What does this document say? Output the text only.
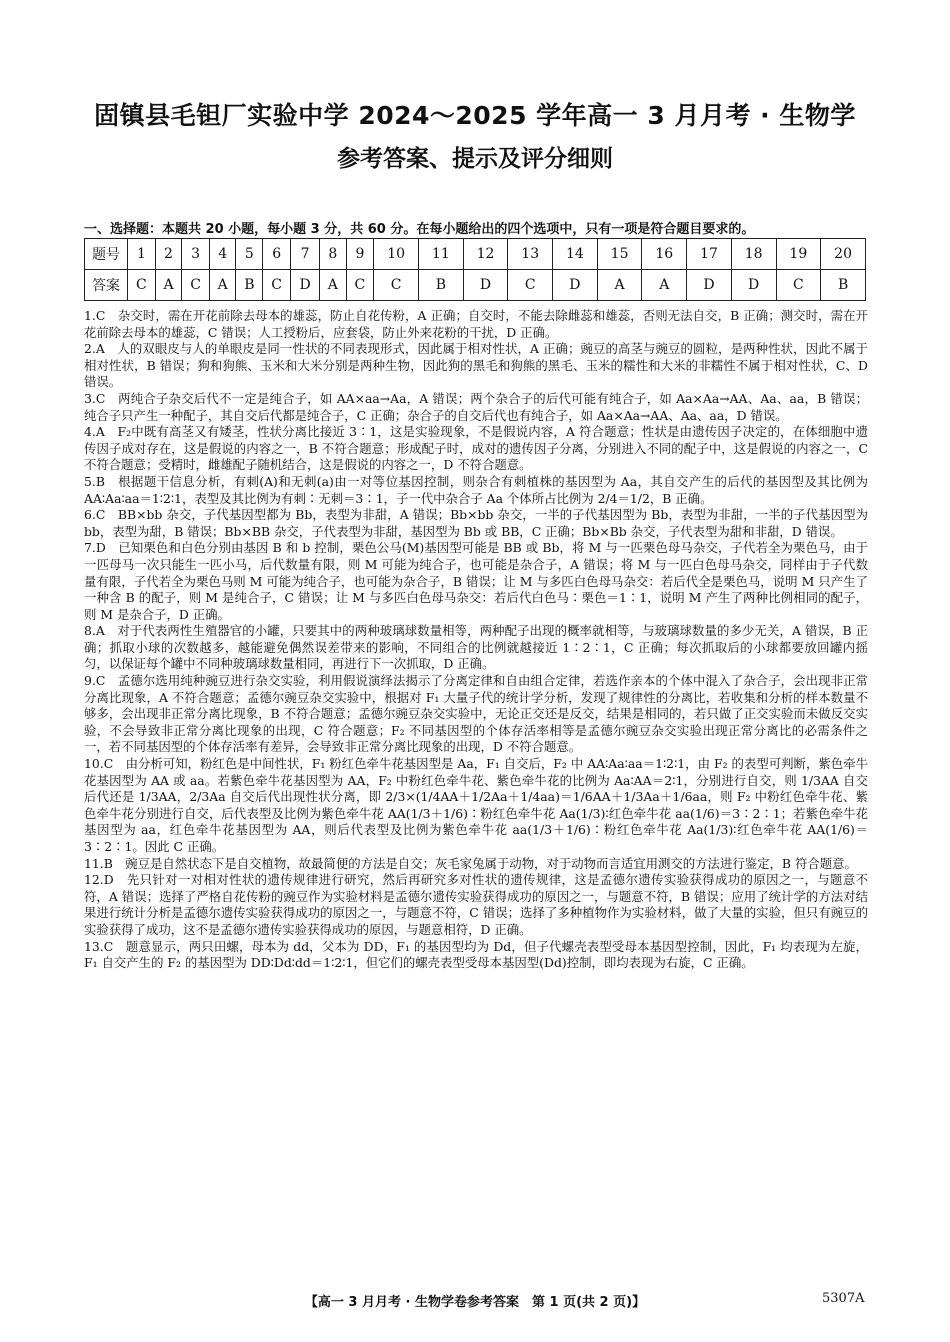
固镇县毛钽厂实验中学 2024～2025 学年高一 3 月月考 · 生物学
参考答案、提示及评分细则
一、选择题：本题共 20 小题，每小题 3 分，共 60 分。在每小题给出的四个选项中，只有一项是符合题目要求的。
题号	1	2	3	4	5	6	7	8	9	10	11	12	13	14	15	16	17	18	19	20
答案	C	A	C	A	B	C	D	A	C	C	B	D	C	D	A	A	D	D	C	B

1.C　杂交时，需在开花前除去母本的雄蕊，防止自花传粉，A 正确；自交时，不能去除雌蕊和雄蕊，否则无法自交，B 正确；测交时，需在开花前除去母本的雄蕊，C 错误；人工授粉后，应套袋，防止外来花粉的干扰，D 正确。

2.A　人的双眼皮与人的单眼皮是同一性状的不同表现形式，因此属于相对性状，A 正确；豌豆的高茎与豌豆的圆粒，是两种性状，因此不属于相对性状，B 错误；狗和狗熊、玉米和大米分别是两种生物，因此狗的黑毛和狗熊的黑毛、玉米的糯性和大米的非糯性不属于相对性状，C、D 错误。

3.C　两纯合子杂交后代不一定是纯合子，如 AA×aa→Aa，A 错误；两个杂合子的后代可能有纯合子，如 Aa×Aa→AA、Aa、aa，B 错误；纯合子只产生一种配子，其自交后代都是纯合子，C 正确；杂合子的自交后代也有纯合子，如 Aa×Aa→AA、Aa、aa，D 错误。

4.A　F₂中既有高茎又有矮茎，性状分离比接近 3∶1，这是实验现象，不是假说内容，A 符合题意；性状是由遗传因子决定的，在体细胞中遗传因子成对存在，这是假说的内容之一，B 不符合题意；形成配子时，成对的遗传因子分离，分别进入不同的配子中，这是假说的内容之一，C 不符合题意；受精时，雌雄配子随机结合，这是假说的内容之一，D 不符合题意。

5.B　根据题干信息分析，有刺(A)和无刺(a)由一对等位基因控制，则杂合有刺植株的基因型为 Aa，其自交产生的后代的基因型及其比例为 AA∶Aa∶aa＝1∶2∶1，表型及其比例为有刺∶无刺＝3∶1，子一代中杂合子 Aa 个体所占比例为 2/4＝1/2，B 正确。

6.C　BB×bb 杂交，子代基因型都为 Bb，表型为非甜，A 错误；Bb×bb 杂交，一半的子代基因型为 Bb，表型为非甜，一半的子代基因型为 bb，表型为甜，B 错误；Bb×BB 杂交，子代表型为非甜，基因型为 Bb 或 BB，C 正确；Bb×Bb 杂交，子代表型为甜和非甜，D 错误。

7.D　已知栗色和白色分别由基因 B 和 b 控制，栗色公马(M)基因型可能是 BB 或 Bb，将 M 与一匹栗色母马杂交，子代若全为栗色马，由于一匹母马一次只能生一匹小马，后代数量有限，则 M 可能为纯合子，也可能是杂合子，A 错误；将 M 与一匹白色母马杂交，同样由于子代数量有限，子代若全为栗色马则 M 可能为纯合子，也可能为杂合子，B 错误；让 M 与多匹白色母马杂交：若后代全是栗色马，说明 M 只产生了一种含 B 的配子，则 M 是纯合子，C 错误；让 M 与多匹白色母马杂交：若后代白色马∶栗色＝1∶1，说明 M 产生了两种比例相同的配子，则 M 是杂合子，D 正确。

8.A　对于代表两性生殖器官的小罐，只要其中的两种玻璃球数量相等，两种配子出现的概率就相等，与玻璃球数量的多少无关，A 错误，B 正确；抓取小球的次数越多，越能避免偶然误差带来的影响，不同组合的比例就越接近 1∶2∶1，C 正确；每次抓取后的小球都要放回罐内摇匀，以保证每个罐中不同种玻璃球数量相同，再进行下一次抓取，D 正确。

9.C　孟德尔选用纯种豌豆进行杂交实验，利用假说演绎法揭示了分离定律和自由组合定律，若选作亲本的个体中混入了杂合子，会出现非正常分离比现象，A 不符合题意；孟德尔豌豆杂交实验中，根据对 F₁ 大量子代的统计学分析，发现了规律性的分离比，若收集和分析的样本数量不够多，会出现非正常分离比现象，B 不符合题意；孟德尔豌豆杂交实验中，无论正交还是反交，结果是相同的，若只做了正交实验而未做反交实验，不会导致非正常分离比现象的出现，C 符合题意；F₂ 不同基因型的个体存活率相等是孟德尔豌豆杂交实验出现正常分离比的必需条件之一，若不同基因型的个体存活率有差异，会导致非正常分离比现象的出现，D 不符合题意。

10.C　由分析可知，粉红色是中间性状，F₁ 粉红色牵牛花基因型是 Aa，F₁ 自交后，F₂ 中 AA∶Aa∶aa＝1∶2∶1，由 F₂ 的表型可判断，紫色牵牛花基因型为 AA 或 aa。若紫色牵牛花基因型为 AA，F₂ 中粉红色牵牛花、紫色牵牛花的比例为 Aa∶AA＝2∶1，分别进行自交，则 1/3AA 自交后代还是 1/3AA，2/3Aa 自交后代出现性状分离，即 2/3×(1/4AA＋1/2Aa＋1/4aa)＝1/6AA＋1/3Aa＋1/6aa，则 F₂ 中粉红色牵牛花、紫色牵牛花分别进行自交，后代表型及比例为紫色牵牛花 AA(1/3＋1/6)∶粉红色牵牛花 Aa(1/3)∶红色牵牛花 aa(1/6)＝3∶2∶1；若紫色牵牛花基因型为 aa，红色牵牛花基因型为 AA，则后代表型及比例为紫色牵牛花 aa(1/3＋1/6)∶粉红色牵牛花 Aa(1/3)∶红色牵牛花 AA(1/6)＝3∶2∶1。因此 C 正确。

11.B　豌豆是自然状态下是自交植物，故最简便的方法是自交；灰毛家兔属于动物，对于动物而言适宜用测交的方法进行鉴定，B 符合题意。

12.D　先只针对一对相对性状的遗传规律进行研究，然后再研究多对性状的遗传规律，这是孟德尔遗传实验获得成功的原因之一，与题意不符，A 错误；选择了严格自花传粉的豌豆作为实验材料是孟德尔遗传实验获得成功的原因之一，与题意不符，B 错误；应用了统计学的方法对结果进行统计分析是孟德尔遗传实验获得成功的原因之一，与题意不符，C 错误；选择了多种植物作为实验材料，做了大量的实验，但只有豌豆的实验获得了成功，这不是孟德尔遗传实验获得成功的原因，与题意相符，D 正确。

13.C　题意显示，两只田螺，母本为 dd，父本为 DD，F₁ 的基因型均为 Dd，但子代螺壳表型受母本基因型控制，因此，F₁ 均表现为左旋，F₁ 自交产生的 F₂ 的基因型为 DD∶Dd∶dd＝1∶2∶1，但它们的螺壳表型受母本基因型(Dd)控制，即均表现为右旋，C 正确。

【高一 3 月月考 · 生物学卷参考答案　第 1 页(共 2 页)】	5307A
